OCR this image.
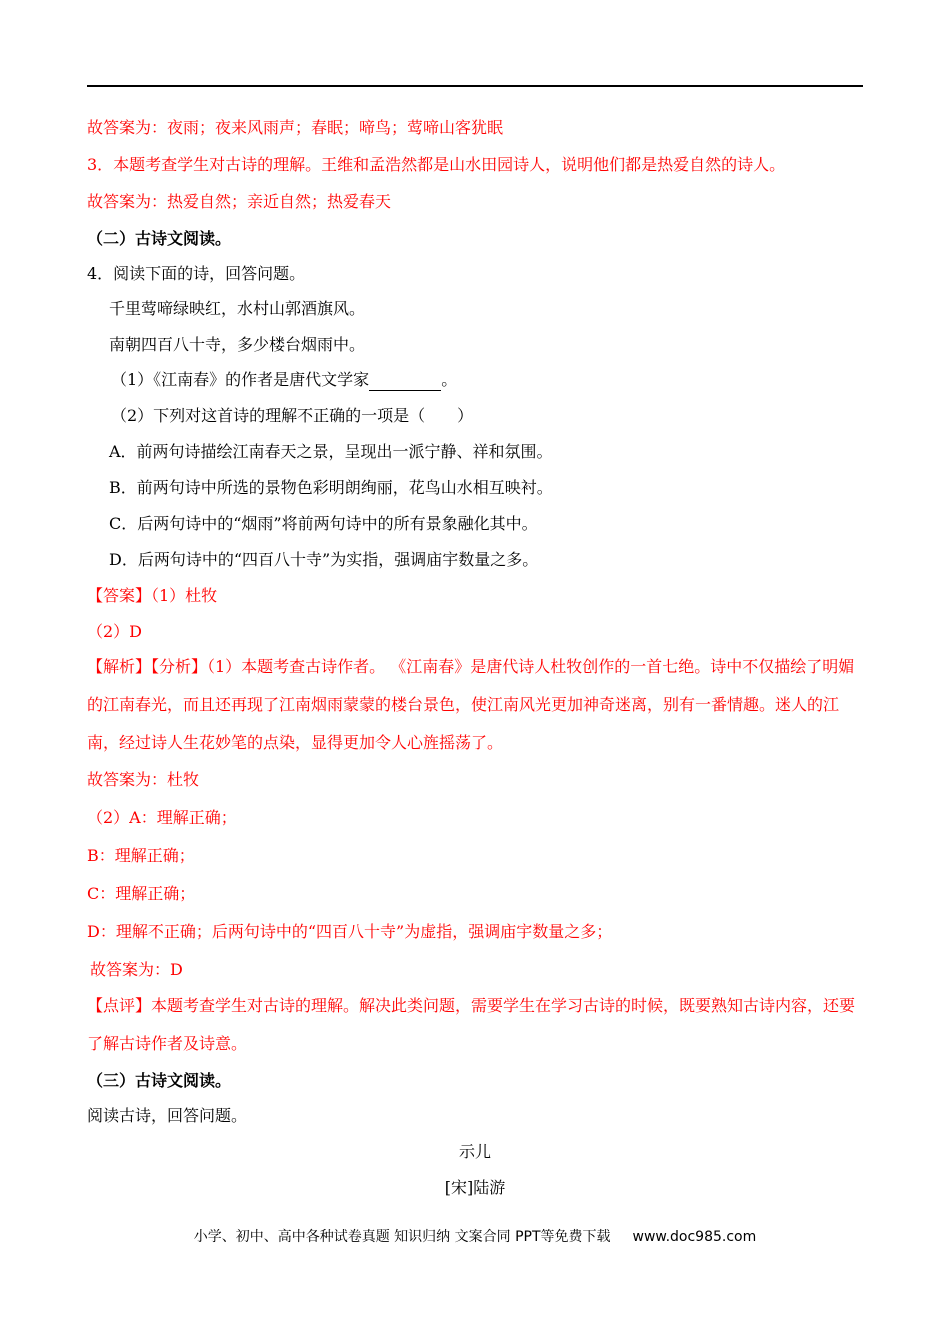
故答案为：夜雨；夜来风雨声；春眠；啼鸟；莺啼山客犹眠
3．本题考查学生对古诗的理解。王维和孟浩然都是山水田园诗人，说明他们都是热爱自然的诗人。
故答案为：热爱自然；亲近自然；热爱春天
（二）古诗文阅读。
4．阅读下面的诗，回答问题。
千里莺啼绿映红，水村山郭酒旗风。
南朝四百八十寺，多少楼台烟雨中。
（1）《江南春》的作者是唐代文学家	。
（2）下列对这首诗的理解不正确的一项是（　　）
A．前两句诗描绘江南春天之景，呈现出一派宁静、祥和氛围。
B．前两句诗中所选的景物色彩明朗绚丽，花鸟山水相互映衬。
C．后两句诗中的“烟雨”将前两句诗中的所有景象融化其中。
D．后两句诗中的“四百八十寺”为实指，强调庙宇数量之多。
【答案】（1）杜牧
（2）D
【解析】【分析】（1）本题考查古诗作者。 《江南春》是唐代诗人杜牧创作的一首七绝。诗中不仅描绘了明媚的江南春光，而且还再现了江南烟雨蒙蒙的楼台景色，使江南风光更加神奇迷离，别有一番情趣。迷人的江南，经过诗人生花妙笔的点染，显得更加令人心旌摇荡了。
故答案为：杜牧
（2）A：理解正确；
B：理解正确；
C：理解正确；
D：理解不正确；后两句诗中的“四百八十寺”为虚指，强调庙宇数量之多；
故答案为：D
【点评】本题考查学生对古诗的理解。解决此类问题，需要学生在学习古诗的时候，既要熟知古诗内容，还要了解古诗作者及诗意。
（三）古诗文阅读。
阅读古诗，回答问题。
示儿
[宋]陆游
小学、初中、高中各种试卷真题 知识归纳 文案合同 PPT等免费下载 www.doc985.com
